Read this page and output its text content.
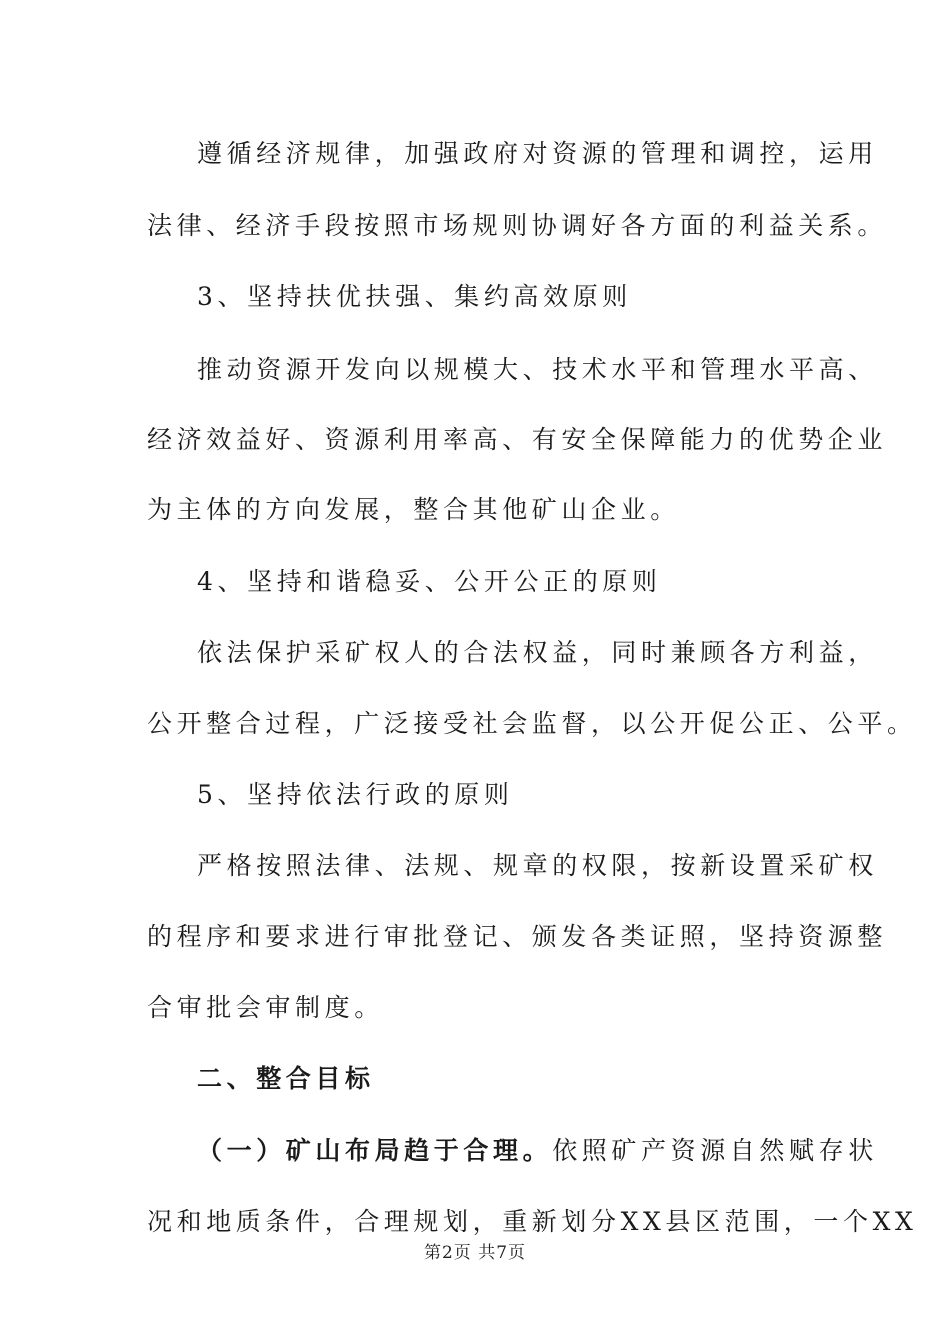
遵循经济规律，加强政府对资源的管理和调控，运用
法律、经济手段按照市场规则协调好各方面的利益关系。
3、坚持扶优扶强、集约高效原则
推动资源开发向以规模大、技术水平和管理水平高、
经济效益好、资源利用率高、有安全保障能力的优势企业
为主体的方向发展，整合其他矿山企业。
4、坚持和谐稳妥、公开公正的原则
依法保护采矿权人的合法权益，同时兼顾各方利益，
公开整合过程，广泛接受社会监督，以公开促公正、公平。
5、坚持依法行政的原则
严格按照法律、法规、规章的权限，按新设置采矿权
的程序和要求进行审批登记、颁发各类证照，坚持资源整
合审批会审制度。
二、整合目标
（一）矿山布局趋于合理。依照矿产资源自然赋存状
况和地质条件，合理规划，重新划分XX县区范围，一个XX
第2页 共7页
